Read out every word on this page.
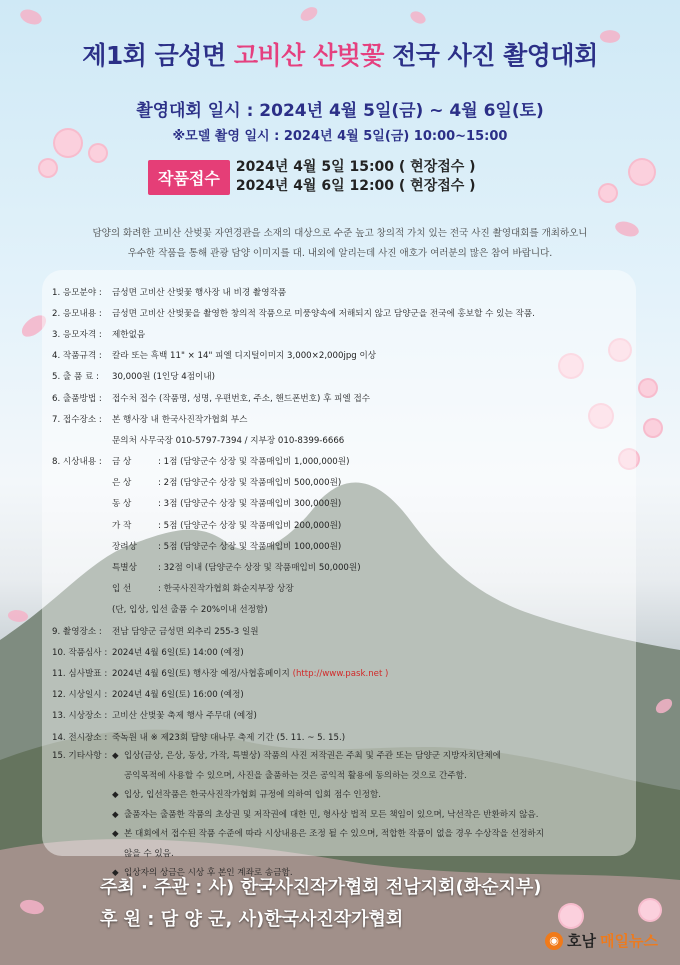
제1회 금성면 고비산 산벚꽃 전국 사진 촬영대회
촬영대회 일시 : 2024년 4월 5일(금) ~ 4월 6일(토)
※모델 촬영 일시 : 2024년 4월 5일(금) 10:00~15:00
작품접수
2024년 4월 5일 15:00 ( 현장접수 )
2024년 4월 6일 12:00 ( 현장접수 )
담양의 화려한 고비산 산벚꽃 자연경관을 소재의 대상으로 수준 높고 창의적 가치 있는 전국 사진 촬영대회를 개최하오니
우수한 작품을 통해 관광 담양 이미지를 대. 내외에 알리는데 사진 애호가 여러분의 많은 참여 바랍니다.
1. 응모분야 :	금성면 고비산 산벚꽃 행사장 내 비경 촬영작품
2. 응모내용 :	금성면 고비산 산벚꽃을 촬영한 창의적 작품으로 미풍양속에 저해되지 않고 담양군을 전국에 홍보할 수 있는 작품.
3. 응모자격 :	제한없음
4. 작품규격 :	칼라 또는 흑백 11" × 14" 피엘 디지털이미지 3,000×2,000jpg 이상
5. 출 품 료 :	30,000원 (1인당 4점이내)
6. 출품방법 :	접수처 접수 (작품명, 성명, 우편번호, 주소, 핸드폰번호) 후 피엘 접수
7. 접수장소 :	본 행사장 내 한국사진작가협회 부스
문의처 사무국장 010-5797-7394 / 지부장 010-8399-6666
8. 시상내용 :	금 상	: 1점 (담양군수 상장 및 작품매입비 1,000,000원)
은 상	: 2점 (담양군수 상장 및 작품매입비 500,000원)
동 상	: 3점 (담양군수 상장 및 작품매입비 300,000원)
가 작	: 5점 (담양군수 상장 및 작품매입비 200,000원)
장려상 : 5점 (담양군수 상장 및 작품매입비 100,000원)
특별상 : 32점 이내 (담양군수 상장 및 작품매입비 50,000원)
입 선	: 한국사진작가협회 화순지부장 상장
(단, 입상, 입선 출품 수 20%이내 선정함)
9. 촬영장소 :	전남 담양군 금성면 외추리 255-3 일원
10. 작품심사 : 2024년 4월 6일(토) 14:00 (예정)
11. 심사발표 : 2024년 4월 6일(토) 행사장 예정/사협홈페이지 (http://www.pask.net )
12. 시상일시 : 2024년 4월 6일(토) 16:00 (예정)
13. 시상장소 : 고비산 산벚꽃 축제 행사 주무대 (예정)
14. 전시장소 : 죽녹원 내 ※ 제23회 담양 대나무 축제 기간 (5. 11. ~ 5. 15.)
15. 기타사항 : ◆ 입상(금상, 은상, 동상, 가작, 특별상) 작품의 사진 저작권은 주최 및 주관 또는 담양군 지방자치단체에
공익목적에 사용할 수 있으며, 사진을 출품하는 것은 공익적 활용에 동의하는 것으로 간주함.
◆ 입상, 입선작품은 한국사진작가협회 규정에 의하여 입회 점수 인정함.
◆ 출품자는 출품한 작품의 초상권 및 저작권에 대한 민, 형사상 법적 모든 책임이 있으며, 낙선작은 반환하지 않음.
◆ 본 대회에서 접수된 작품 수준에 따라 시상내용은 조정 될 수 있으며, 적합한 작품이 없을 경우 수상작을 선정하지
않을 수 있음.
◆ 입상자의 상금은 시상 후 본인 계좌로 송금함.
주최 · 주관 : 사) 한국사진작가협회 전남지회(화순지부)
후 원 : 담 양 군, 사)한국사진작가협회
◉ 호남 매일뉴스
